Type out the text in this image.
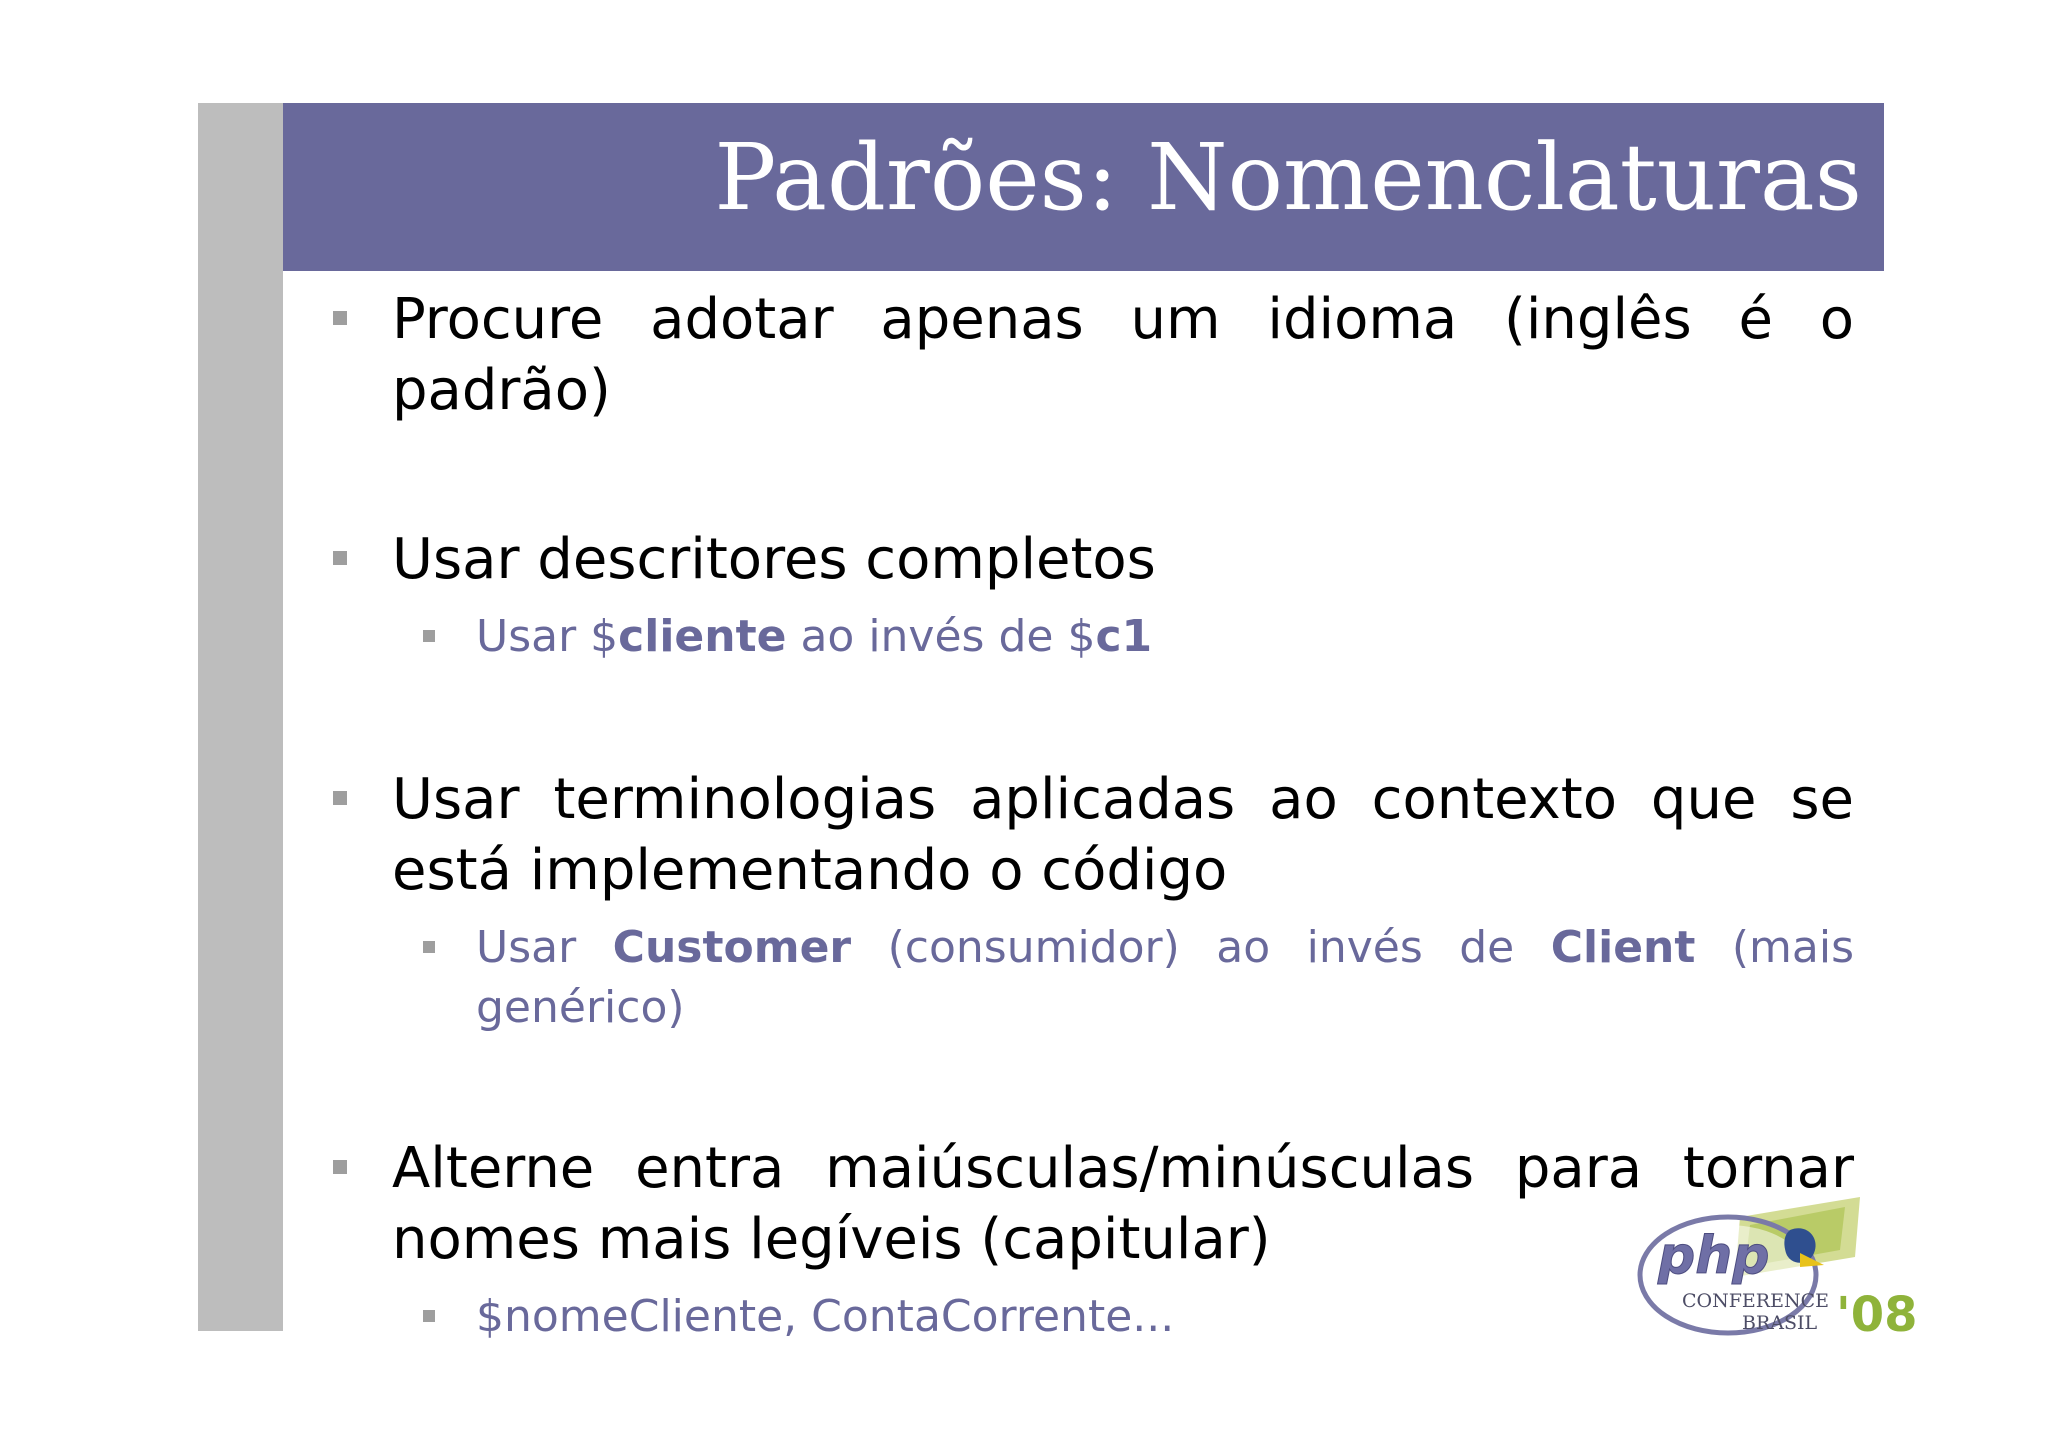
Padrões: Nomenclaturas

Procure adotar apenas um idioma (inglês é o padrão)

Usar descritores completos

Usar $cliente ao invés de $c1

Usar terminologias aplicadas ao contexto que se está implementando o código

Usar Customer (consumidor) ao invés de Client (mais genérico)

Alterne entra maiúsculas/minúsculas para tornar nomes mais legíveis (capitular)

$nomeCliente, ContaCorrente...

php
CONFERENCE
BRASIL '08
